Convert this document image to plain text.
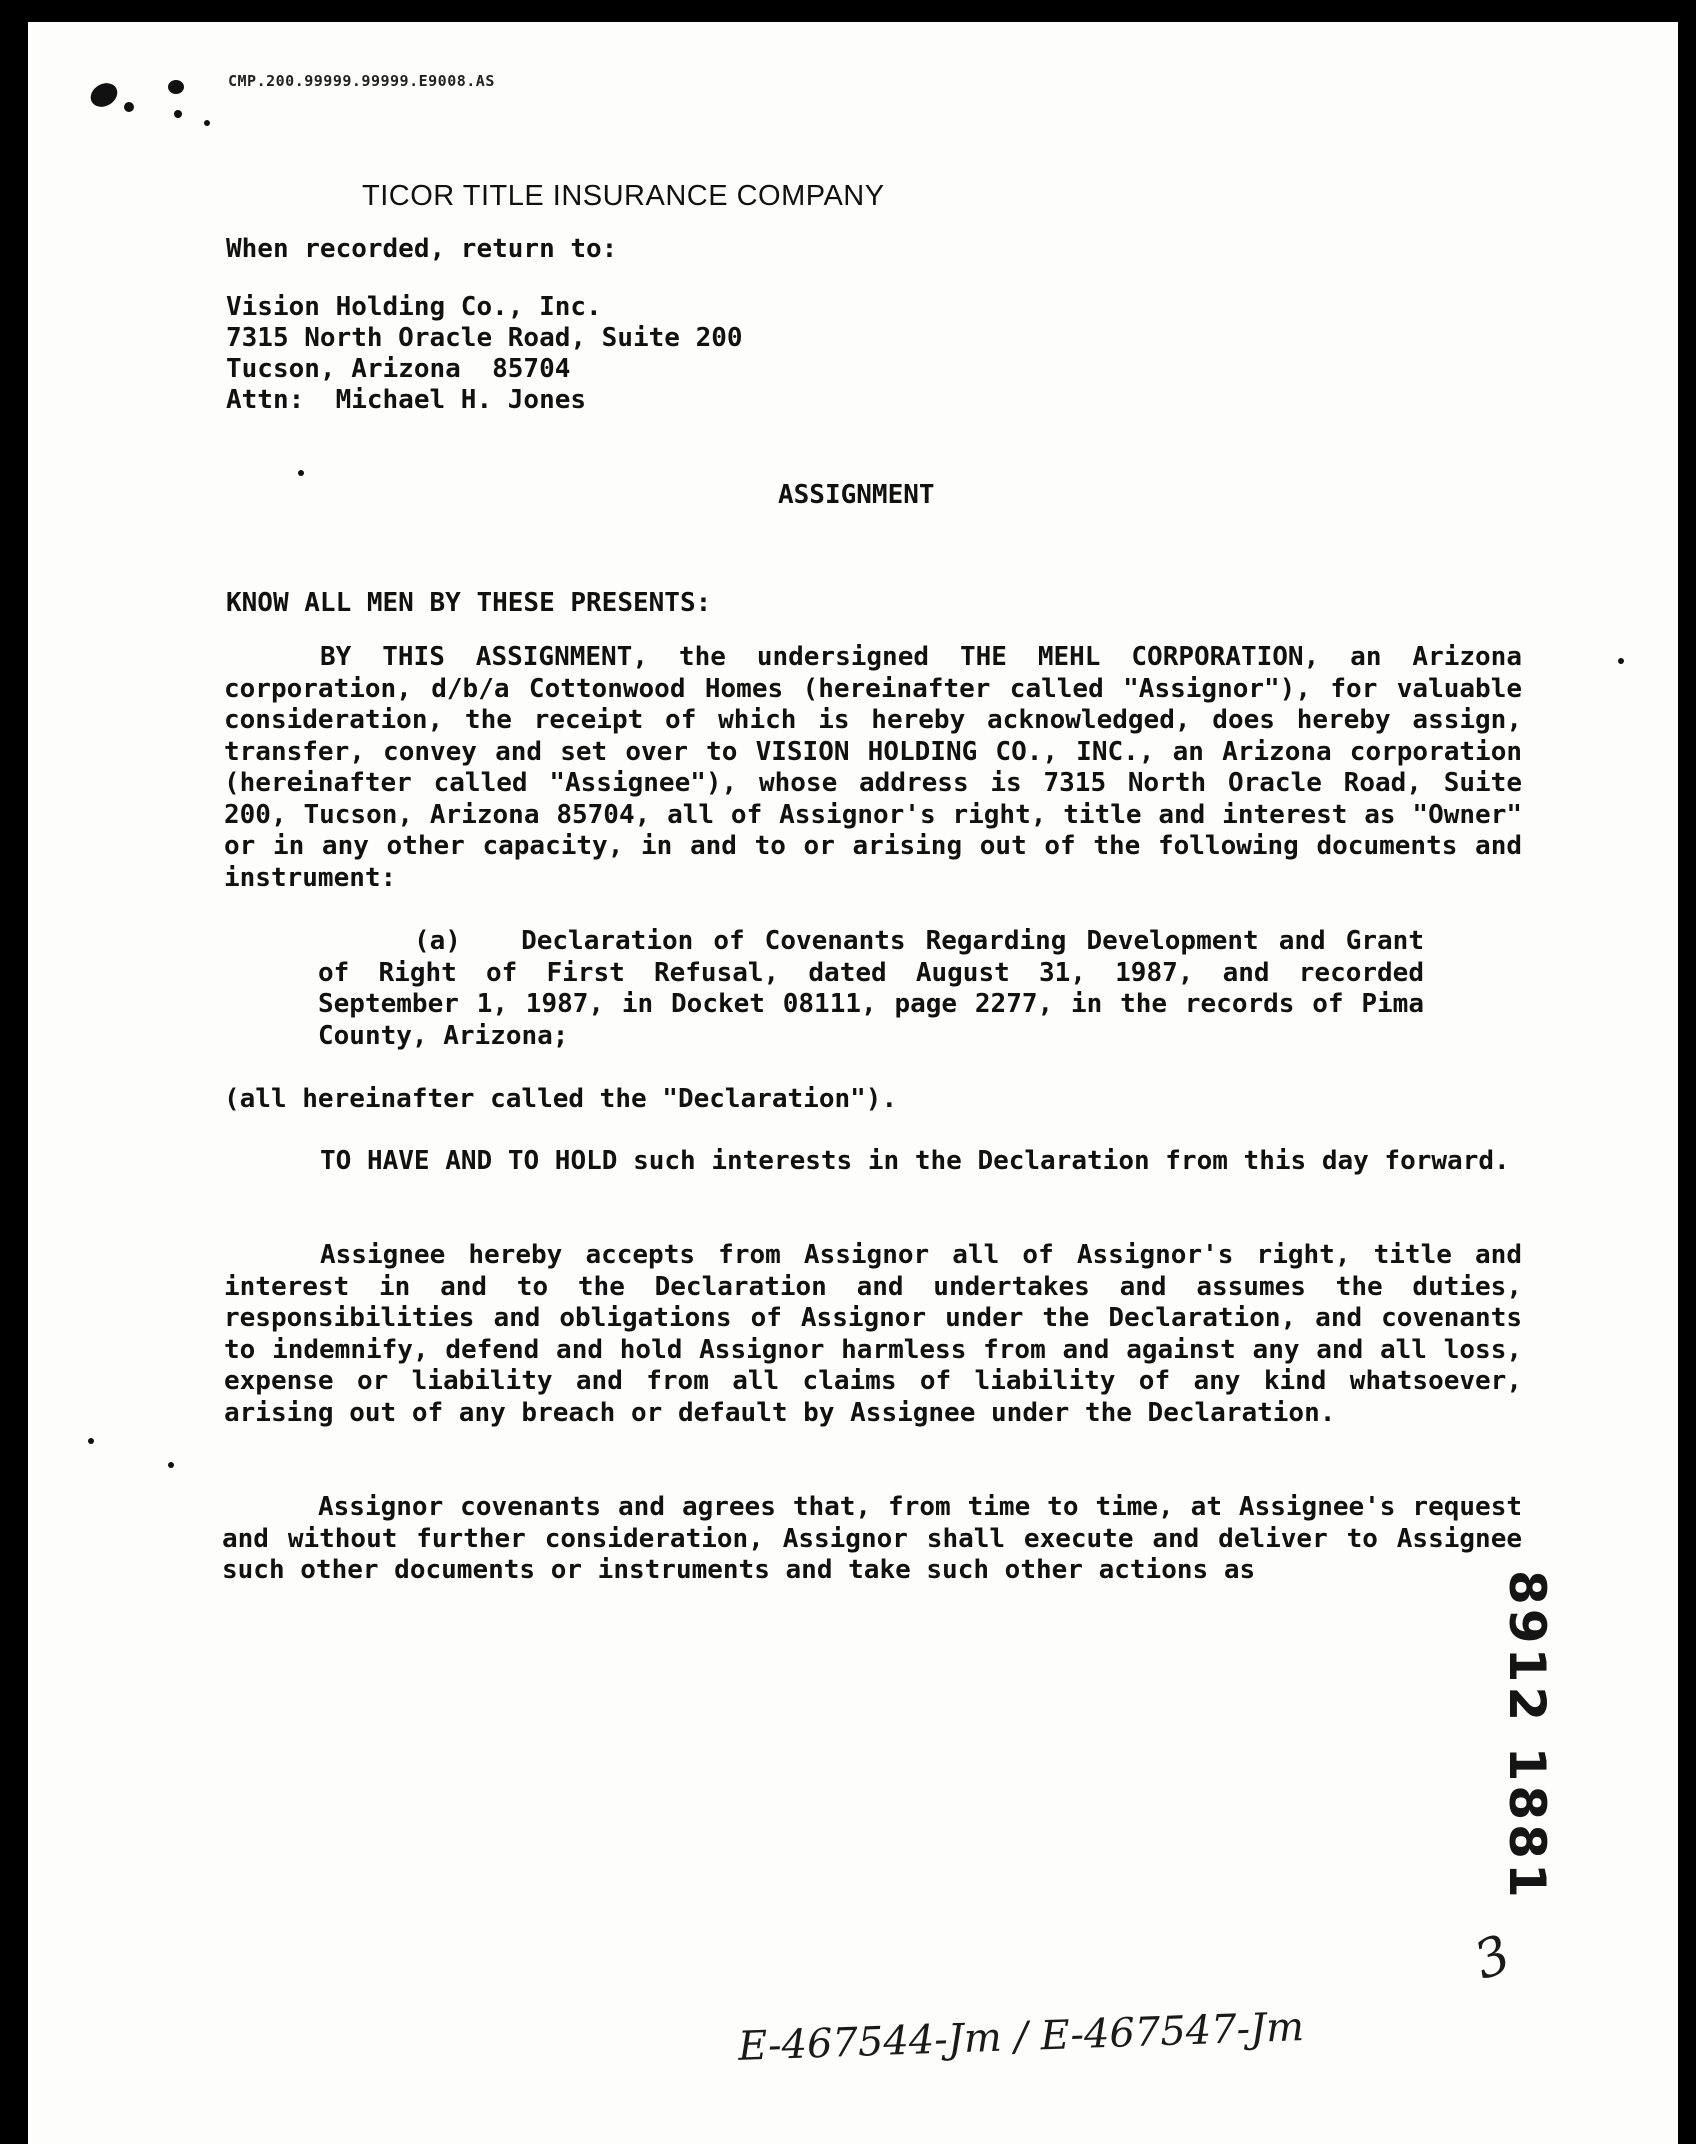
CMP.200.99999.99999.E9008.AS
TICOR TITLE INSURANCE COMPANY
When recorded, return to:
Vision Holding Co., Inc.
7315 North Oracle Road, Suite 200
Tucson, Arizona  85704
Attn:  Michael H. Jones
ASSIGNMENT
KNOW ALL MEN BY THESE PRESENTS:
BY THIS ASSIGNMENT, the undersigned THE MEHL CORPORATION, an Arizona corporation, d/b/a Cottonwood Homes (hereinafter called "Assignor"), for valuable consideration, the receipt of which is hereby acknowledged, does hereby assign, transfer, convey and set over to VISION HOLDING CO., INC., an Arizona corporation (hereinafter called "Assignee"), whose address is 7315 North Oracle Road, Suite 200, Tucson, Arizona 85704, all of Assignor's right, title and interest as "Owner" or in any other capacity, in and to or arising out of the following documents and instrument:
(a) Declaration of Covenants Regarding Development and Grant of Right of First Refusal, dated August 31, 1987, and recorded September 1, 1987, in Docket 08111, page 2277, in the records of Pima County, Arizona;
(all hereinafter called the "Declaration").
TO HAVE AND TO HOLD such interests in the Declaration from this day forward.
Assignee hereby accepts from Assignor all of Assignor's right, title and interest in and to the Declaration and undertakes and assumes the duties, responsibilities and obligations of Assignor under the Declaration, and covenants to indemnify, defend and hold Assignor harmless from and against any and all loss, expense or liability and from all claims of liability of any kind whatsoever, arising out of any breach or default by Assignee under the Declaration.
Assignor covenants and agrees that, from time to time, at Assignee's request and without further consideration, Assignor shall execute and deliver to Assignee such other documents or instruments and take such other actions as	8912 1881
3
E-467544-Jm / E-467547-Jm
